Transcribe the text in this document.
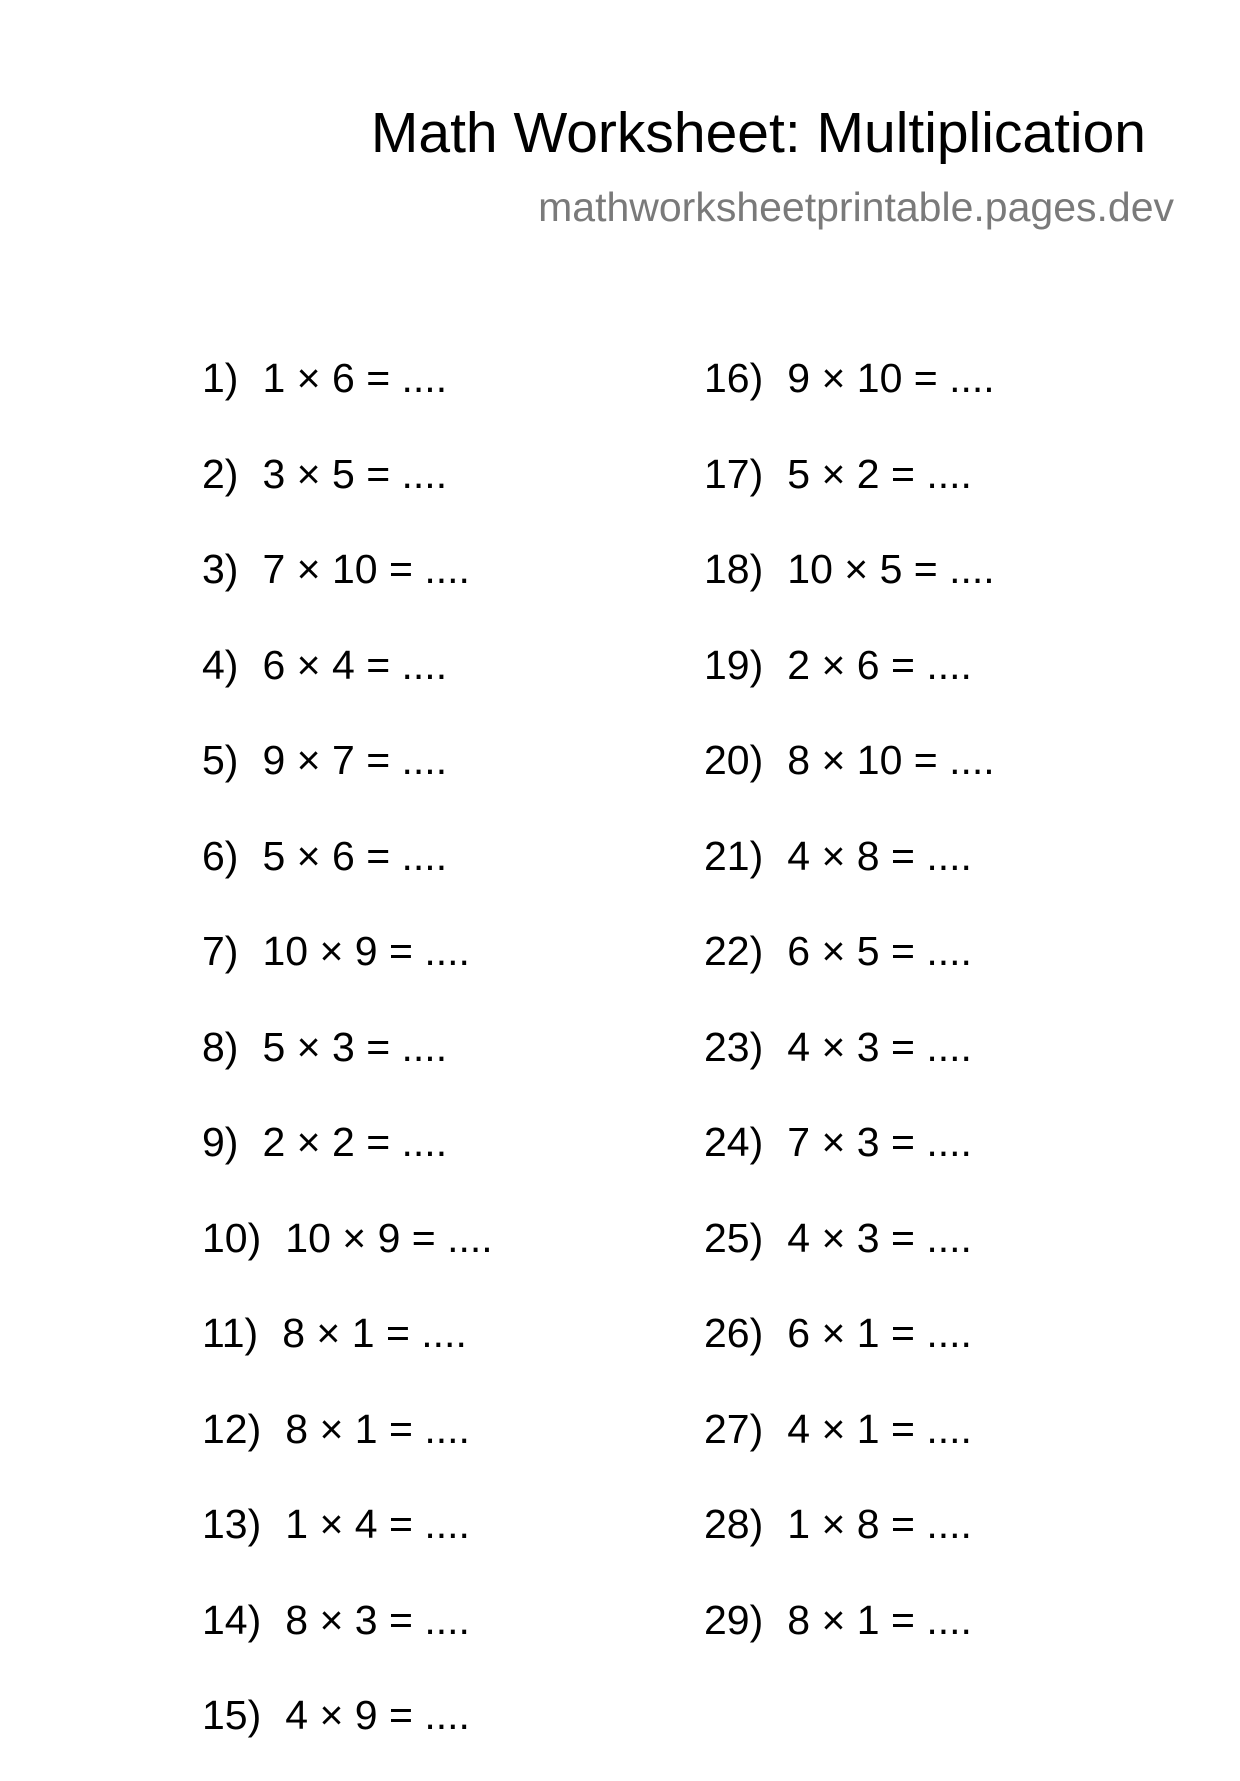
Math Worksheet: Multiplication
mathworksheetprintable.pages.dev
1) 1 × 6 = ....
2) 3 × 5 = ....
3) 7 × 10 = ....
4) 6 × 4 = ....
5) 9 × 7 = ....
6) 5 × 6 = ....
7) 10 × 9 = ....
8) 5 × 3 = ....
9) 2 × 2 = ....
10) 10 × 9 = ....
11) 8 × 1 = ....
12) 8 × 1 = ....
13) 1 × 4 = ....
14) 8 × 3 = ....
15) 4 × 9 = ....
16) 9 × 10 = ....
17) 5 × 2 = ....
18) 10 × 5 = ....
19) 2 × 6 = ....
20) 8 × 10 = ....
21) 4 × 8 = ....
22) 6 × 5 = ....
23) 4 × 3 = ....
24) 7 × 3 = ....
25) 4 × 3 = ....
26) 6 × 1 = ....
27) 4 × 1 = ....
28) 1 × 8 = ....
29) 8 × 1 = ....
